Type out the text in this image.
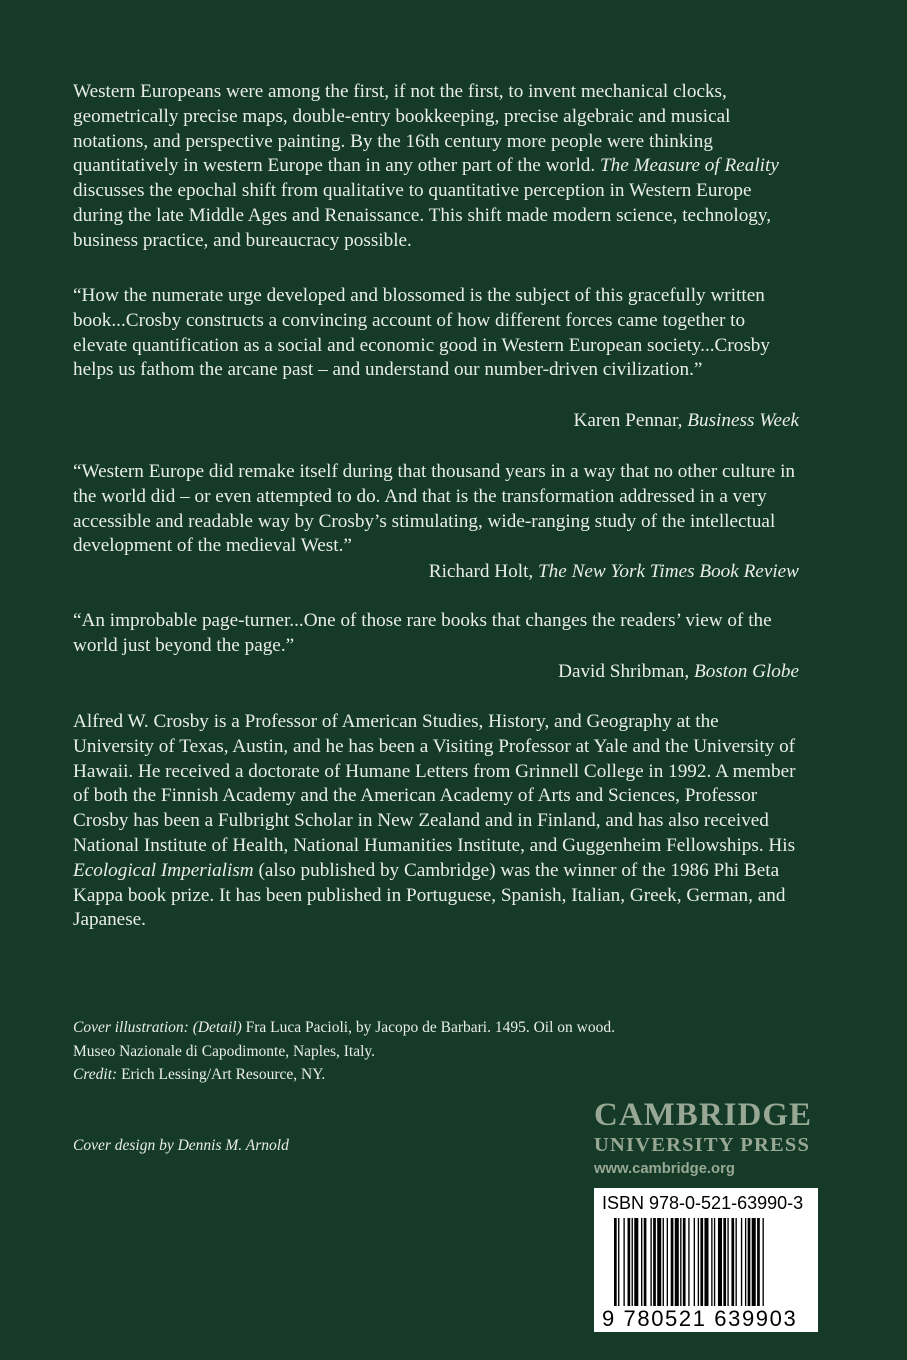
Western Europeans were among the first, if not the first, to invent mechanical clocks, geometrically precise maps, double-entry bookkeeping, precise algebraic and musical notations, and perspective painting. By the 16th century more people were thinking quantitatively in western Europe than in any other part of the world. The Measure of Reality discusses the epochal shift from qualitative to quantitative perception in Western Europe during the late Middle Ages and Renaissance. This shift made modern science, technology, business practice, and bureaucracy possible.

“How the numerate urge developed and blossomed is the subject of this gracefully written book...Crosby constructs a convincing account of how different forces came together to elevate quantification as a social and economic good in Western European society...Crosby helps us fathom the arcane past – and understand our number-driven civilization.”

Karen Pennar, Business Week

“Western Europe did remake itself during that thousand years in a way that no other culture in the world did – or even attempted to do. And that is the transformation addressed in a very accessible and readable way by Crosby’s stimulating, wide-ranging study of the intellectual development of the medieval West.”

Richard Holt, The New York Times Book Review

“An improbable page-turner...One of those rare books that changes the readers’ view of the world just beyond the page.”

David Shribman, Boston Globe

Alfred W. Crosby is a Professor of American Studies, History, and Geography at the University of Texas, Austin, and he has been a Visiting Professor at Yale and the University of Hawaii. He received a doctorate of Humane Letters from Grinnell College in 1992. A member of both the Finnish Academy and the American Academy of Arts and Sciences, Professor Crosby has been a Fulbright Scholar in New Zealand and in Finland, and has also received National Institute of Health, National Humanities Institute, and Guggenheim Fellowships. His Ecological Imperialism (also published by Cambridge) was the winner of the 1986 Phi Beta Kappa book prize. It has been published in Portuguese, Spanish, Italian, Greek, German, and Japanese.

Cover illustration: (Detail) Fra Luca Pacioli, by Jacopo de Barbari. 1495. Oil on wood.
Museo Nazionale di Capodimonte, Naples, Italy.
Credit: Erich Lessing/Art Resource, NY.
Cover design by Dennis M. Arnold
CAMBRIDGE
UNIVERSITY PRESS
www.cambridge.org
ISBN 978-0-521-63990-3
9 780521 639903
